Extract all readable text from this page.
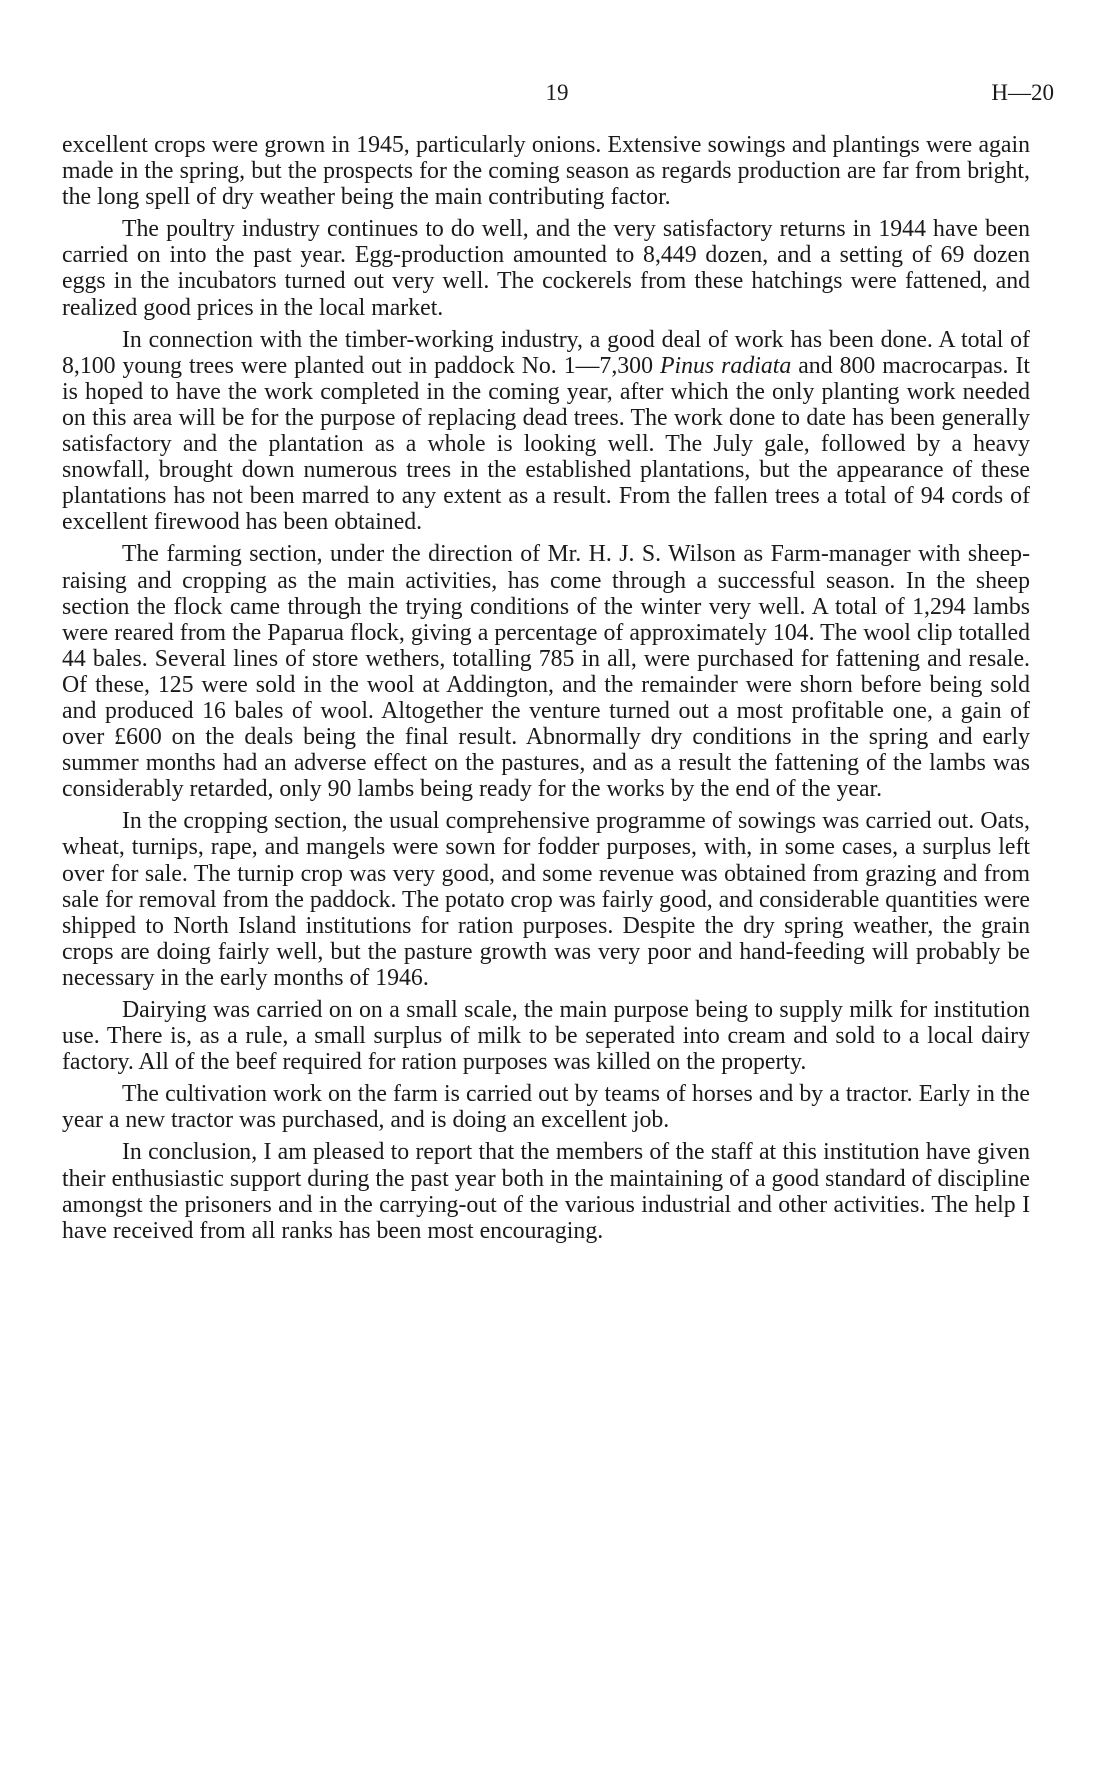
19	H—20

excellent crops were grown in 1945, particularly onions. Extensive sowings and plantings were again made in the spring, but the prospects for the coming season as regards production are far from bright, the long spell of dry weather being the main contributing factor.

The poultry industry continues to do well, and the very satisfactory returns in 1944 have been carried on into the past year. Egg-production amounted to 8,449 dozen, and a setting of 69 dozen eggs in the incubators turned out very well. The cockerels from these hatchings were fattened, and realized good prices in the local market.

In connection with the timber-working industry, a good deal of work has been done. A total of 8,100 young trees were planted out in paddock No. 1—7,300 Pinus radiata and 800 macrocarpas. It is hoped to have the work completed in the coming year, after which the only planting work needed on this area will be for the purpose of replacing dead trees. The work done to date has been generally satisfactory and the plantation as a whole is looking well. The July gale, followed by a heavy snowfall, brought down numerous trees in the established plantations, but the appearance of these plantations has not been marred to any extent as a result. From the fallen trees a total of 94 cords of excellent firewood has been obtained.

The farming section, under the direction of Mr. H. J. S. Wilson as Farm-manager with sheep-raising and cropping as the main activities, has come through a successful season. In the sheep section the flock came through the trying conditions of the winter very well. A total of 1,294 lambs were reared from the Paparua flock, giving a percentage of approximately 104. The wool clip totalled 44 bales. Several lines of store wethers, totalling 785 in all, were purchased for fattening and resale. Of these, 125 were sold in the wool at Addington, and the remainder were shorn before being sold and produced 16 bales of wool. Altogether the venture turned out a most profitable one, a gain of over £600 on the deals being the final result. Abnormally dry conditions in the spring and early summer months had an adverse effect on the pastures, and as a result the fattening of the lambs was considerably retarded, only 90 lambs being ready for the works by the end of the year.

In the cropping section, the usual comprehensive programme of sowings was carried out. Oats, wheat, turnips, rape, and mangels were sown for fodder purposes, with, in some cases, a surplus left over for sale. The turnip crop was very good, and some revenue was obtained from grazing and from sale for removal from the paddock. The potato crop was fairly good, and considerable quantities were shipped to North Island institutions for ration purposes. Despite the dry spring weather, the grain crops are doing fairly well, but the pasture growth was very poor and hand-feeding will probably be necessary in the early months of 1946.

Dairying was carried on on a small scale, the main purpose being to supply milk for institution use. There is, as a rule, a small surplus of milk to be seperated into cream and sold to a local dairy factory. All of the beef required for ration purposes was killed on the property.

The cultivation work on the farm is carried out by teams of horses and by a tractor. Early in the year a new tractor was purchased, and is doing an excellent job.

In conclusion, I am pleased to report that the members of the staff at this institution have given their enthusiastic support during the past year both in the maintaining of a good standard of discipline amongst the prisoners and in the carrying-out of the various industrial and other activities. The help I have received from all ranks has been most encouraging.
